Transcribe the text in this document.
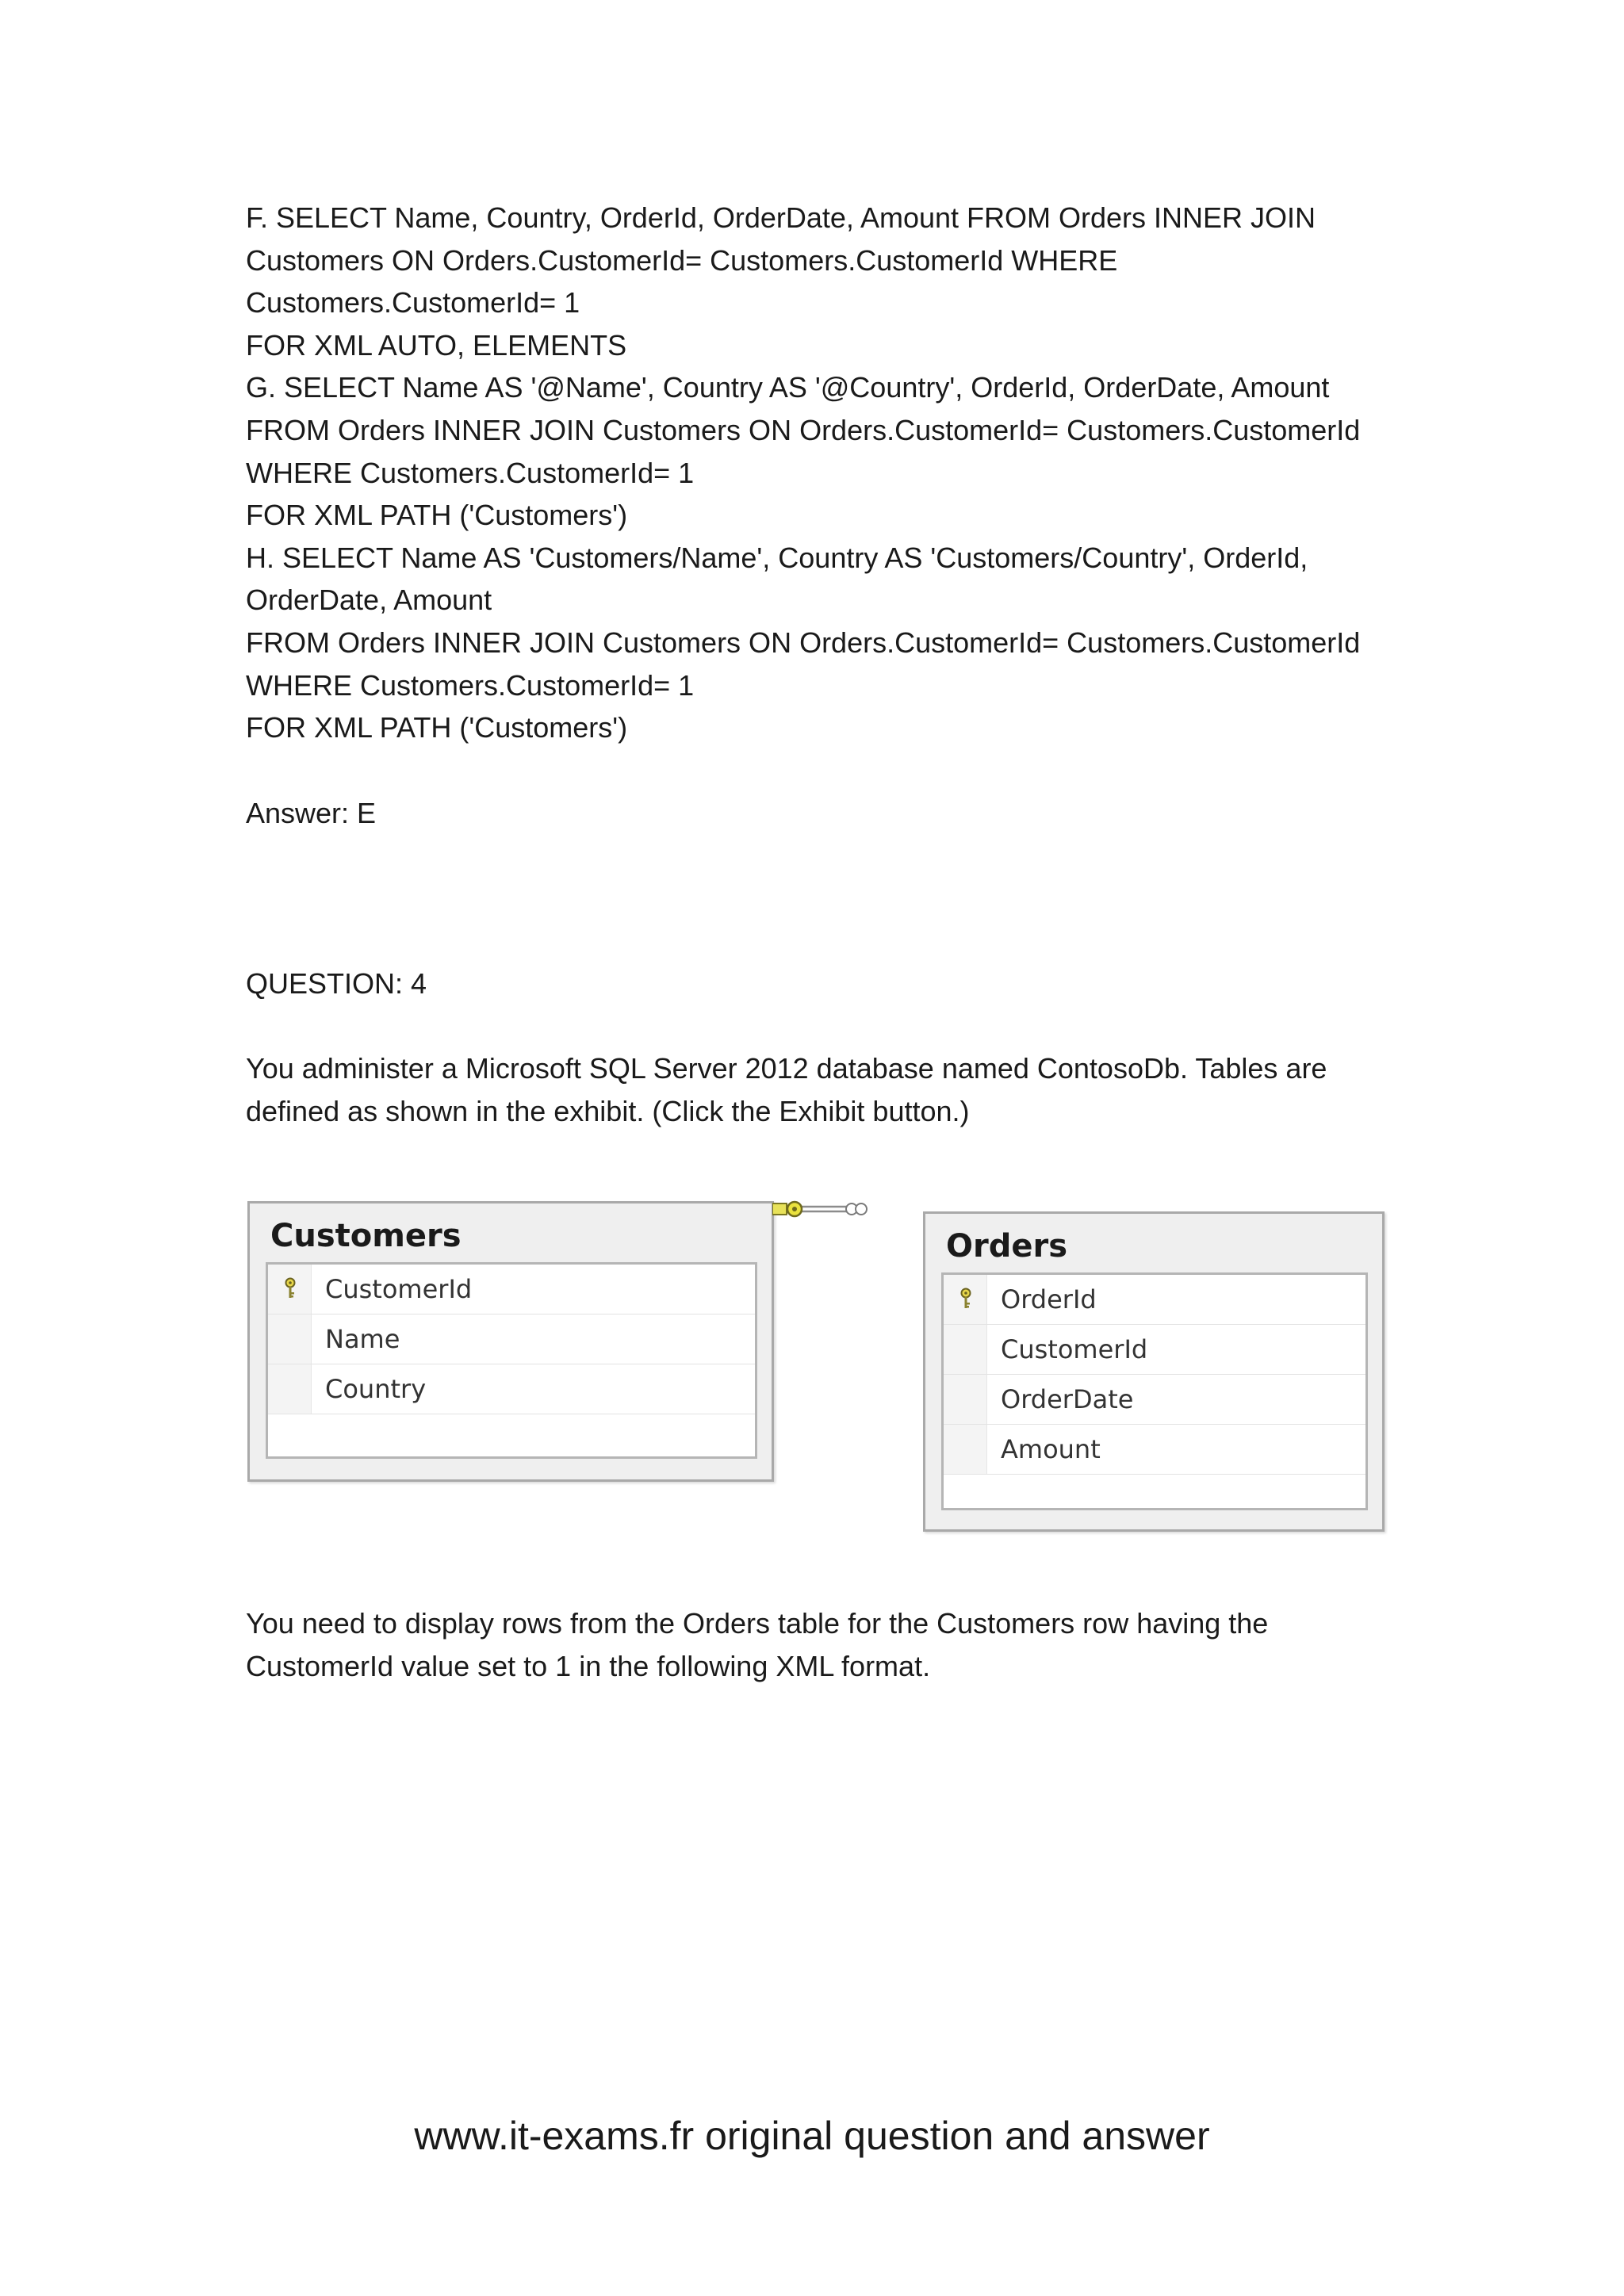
F. SELECT Name, Country, OrderId, OrderDate, Amount FROM Orders INNER JOIN
Customers ON Orders.CustomerId= Customers.CustomerId WHERE
Customers.CustomerId= 1
FOR XML AUTO, ELEMENTS
G. SELECT Name AS '@Name', Country AS '@Country', OrderId, OrderDate, Amount
FROM Orders INNER JOIN Customers ON Orders.CustomerId= Customers.CustomerId
WHERE Customers.CustomerId= 1
FOR XML PATH ('Customers')
H. SELECT Name AS 'Customers/Name', Country AS 'Customers/Country', OrderId,
OrderDate, Amount
FROM Orders INNER JOIN Customers ON Orders.CustomerId= Customers.CustomerId
WHERE Customers.CustomerId= 1
FOR XML PATH ('Customers')
Answer: E
QUESTION: 4
You administer a Microsoft SQL Server 2012 database named ContosoDb. Tables are
defined as shown in the exhibit. (Click the Exhibit button.)
Customers
CustomerId
Name
Country
Orders
OrderId
CustomerId
OrderDate
Amount
You need to display rows from the Orders table for the Customers row having the
CustomerId value set to 1 in the following XML format.
www.it-exams.fr original question and answer
